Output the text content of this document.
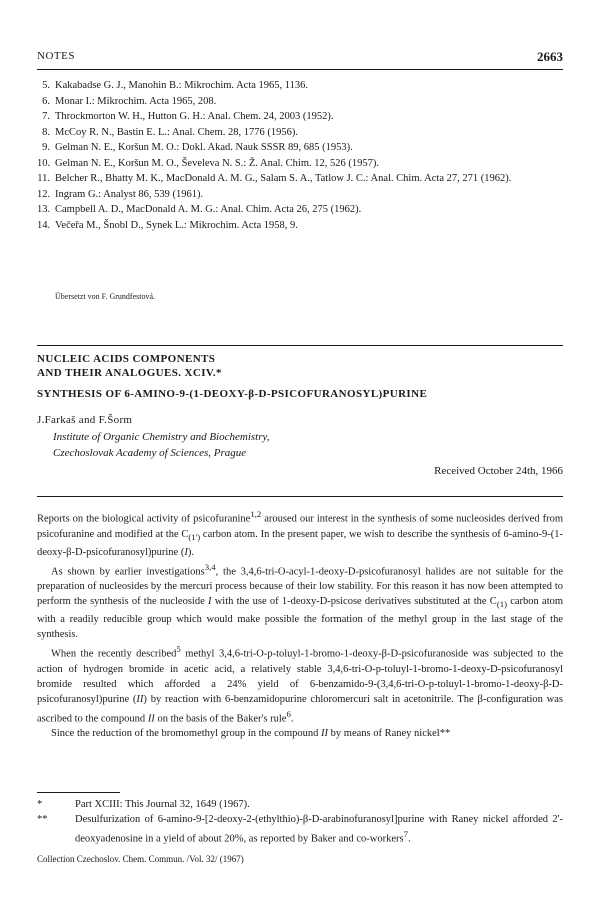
NOTES	2663
5. Kakabadse G. J., Manohin B.: Mikrochim. Acta 1965, 1136.
6. Monar I.: Mikrochim. Acta 1965, 208.
7. Throckmorton W. H., Hutton G. H.: Anal. Chem. 24, 2003 (1952).
8. McCoy R. N., Bastin E. L.: Anal. Chem. 28, 1776 (1956).
9. Gelman N. E., Koršun M. O.: Dokl. Akad. Nauk SSSR 89, 685 (1953).
10. Gelman N. E., Koršun M. O., Ševeleva N. S.: Ž. Anal. Chim. 12, 526 (1957).
11. Belcher R., Bhatty M. K., MacDonald A. M. G., Salam S. A., Tatlow J. C.: Anal. Chim. Acta 27, 271 (1962).
12. Ingram G.: Analyst 86, 539 (1961).
13. Campbell A. D., MacDonald A. M. G.: Anal. Chim. Acta 26, 275 (1962).
14. Večeřa M., Šnobl D., Synek L.: Mikrochim. Acta 1958, 9.
Übersetzt von F. Grundfestová.
NUCLEIC ACIDS COMPONENTS
AND THEIR ANALOGUES. XCIV.*
SYNTHESIS OF 6-AMINO-9-(1-DEOXY-β-D-PSICOFURANOSYL)PURINE
J.Farkaš and F.Šorm
Institute of Organic Chemistry and Biochemistry,
Czechoslovak Academy of Sciences, Prague
Received October 24th, 1966

Reports on the biological activity of psicofuranine$^{1,2}$ aroused our interest in the synthesis of some nucleosides derived from psicofuranine and modified at the $C_{(1')}$ carbon atom. In the present paper, we wish to describe the synthesis of 6-amino-9-(1-deoxy-β-D-psicofuranosyl)purine (I).

As shown by earlier investigations$^{3,4}$, the 3,4,6-tri-O-acyl-1-deoxy-D-psicofuranosyl halides are not suitable for the preparation of nucleosides by the mercuri process because of their low stability. For this reason it has now been attempted to perform the synthesis of the nucleoside I with the use of 1-deoxy-D-psicose derivatives substituted at the $C_{(1)}$ carbon atom with a readily reducible group which would make possible the formation of the methyl group in the last stage of the synthesis.

When the recently described$^5$ methyl 3,4,6-tri-O-p-toluyl-1-bromo-1-deoxy-β-D-psicofuranoside was subjected to the action of hydrogen bromide in acetic acid, a relatively stable 3,4,6-tri-O-p-toluyl-1-bromo-1-deoxy-D-psicofuranosyl bromide resulted which afforded a 24% yield of 6-benzamido-9-(3,4,6-tri-O-p-toluyl-1-bromo-1-deoxy-β-D-psicofuranosyl)purine (II) by reaction with 6-benzamidopurine chloromercuri salt in acetonitrile. The β-configuration was ascribed to the compound II on the basis of the Baker's rule$^6$.

Since the reduction of the bromomethyl group in the compound II by means of Raney nickel**

*	Part XCIII: This Journal 32, 1649 (1967).
**	Desulfurization of 6-amino-9-[2-deoxy-2-(ethylthio)-β-D-arabinofuranosyl]purine with Raney nickel afforded 2'-deoxyadenosine in a yield of about 20%, as reported by Baker and co-workers$^7$.
Collection Czechoslov. Chem. Commun. /Vol. 32/ (1967)
